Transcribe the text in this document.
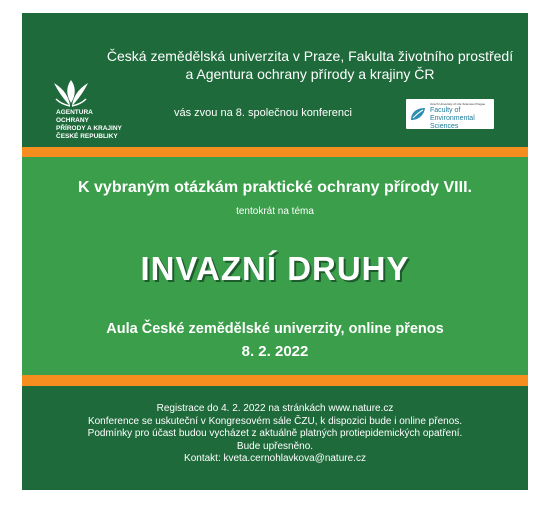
Česká zemědělská univerzita v Praze, Fakulta životního prostředí
a Agentura ochrany přírody a krajiny ČR
AGENTURA OCHRANY
PŘÍRODY A KRAJINY
ČESKÉ REPUBLIKY
vás zvou na 8. společnou konferenci
Czech University of Life Sciences Prague
Faculty of Environmental
Sciences
K vybraným otázkám praktické ochrany přírody VIII.
tentokrát na téma
INVAZNÍ DRUHY
Aula České zemědělské univerzity, online přenos
8. 2. 2022
Registrace do 4. 2. 2022 na stránkách www.nature.cz
Konference se uskuteční v Kongresovém sále ČZU, k dispozici bude i online přenos.
Podmínky pro účast budou vycházet z aktuálně platných protiepidemických opatření.
Bude upřesněno.
Kontakt: kveta.cernohlavkova@nature.cz
